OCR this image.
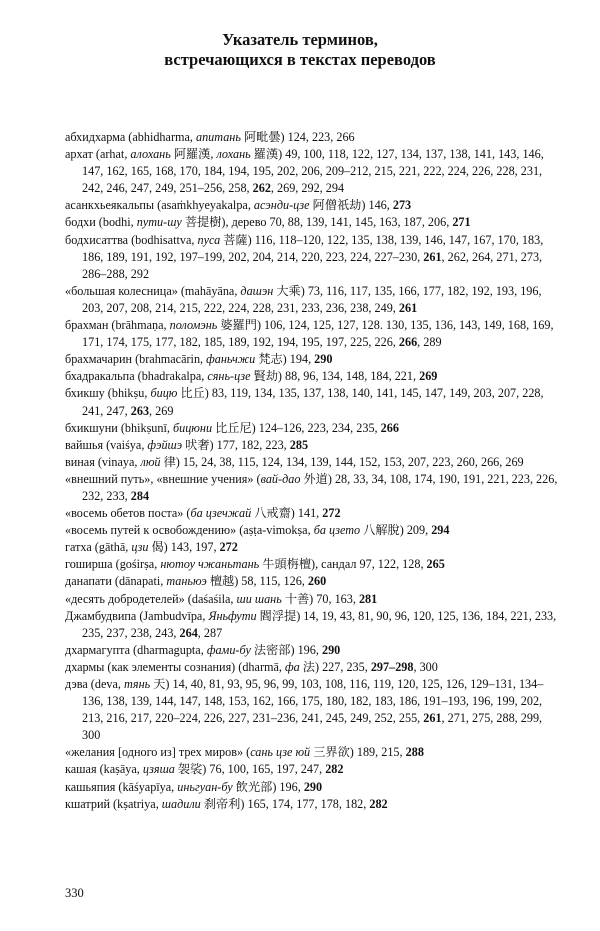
Указатель терминов,
встречающихся в текстах переводов
абхидхарма (abhidharma, апитань 阿毗曇) 124, 223, 266
архат (arhat, алохань 阿羅漢, лохань 羅漢) 49, 100, 118, 122, 127, 134, 137, 138, 141, 143, 146, 147, 162, 165, 168, 170, 184, 194, 195, 202, 206, 209–212, 215, 221, 222, 224, 226, 228, 231, 242, 246, 247, 249, 251–256, 258, 262, 269, 292, 294
асанкхьеякальпы (asaṁkhyeyakalpa, асэнди-цзе 阿僧祇劫) 146, 273
бодхи (bodhi, пути-шу 菩提樹), дерево 70, 88, 139, 141, 145, 163, 187, 206, 271
бодхисаттва (bodhisattva, пуса 菩薩) 116, 118–120, 122, 135, 138, 139, 146, 147, 167, 170, 183, 186, 189, 191, 192, 197–199, 202, 204, 214, 220, 223, 224, 227–230, 261, 262, 264, 271, 273, 286–288, 292
«большая колесница» (mahāyāna, дашэн 大乘) 73, 116, 117, 135, 166, 177, 182, 192, 193, 196, 203, 207, 208, 214, 215, 222, 224, 228, 231, 233, 236, 238, 249, 261
брахман (brāhmaṇa, поломэнь 婆羅門) 106, 124, 125, 127, 128. 130, 135, 136, 143, 149, 168, 169, 171, 174, 175, 177, 182, 185, 189, 192, 194, 195, 197, 225, 226, 266, 289
брахмачарин (brahmacārin, фаньчжи 梵志) 194, 290
бхадракальпа (bhadrakalpa, сянь-цзе 賢劫) 88, 96, 134, 148, 184, 221, 269
бхикшу (bhikṣu, бицю 比丘) 83, 119, 134, 135, 137, 138, 140, 141, 145, 147, 149, 203, 207, 228, 241, 247, 263, 269
бхикшуни (bhikṣunī, бицюни 比丘尼) 124–126, 223, 234, 235, 266
вайшья (vaiśya, фэйшэ 吠奢) 177, 182, 223, 285
виная (vinaya, люй 律) 15, 24, 38, 115, 124, 134, 139, 144, 152, 153, 207, 223, 260, 266, 269
«внешний путь», «внешние учения» (вай-дао 外道) 28, 33, 34, 108, 174, 190, 191, 221, 223, 226, 232, 233, 284
«восемь обетов поста» (ба цзечжай 八戒齋) 141, 272
«восемь путей к освобождению» (aṣṭa-vimokṣa, ба цзето 八解脫) 209, 294
гатха (gāthā, цзи 偈) 143, 197, 272
гоширша (gośirṣa, нютоу чжаньтань 牛頭栴檀), сандал 97, 122, 128, 265
данапати (dānapati, таньюэ 檀越) 58, 115, 126, 260
«десять добродетелей» (daśaśila, ши шань 十善) 70, 163, 281
Джамбудвипа (Jambudvīpa, Яньфути 閻浮提) 14, 19, 43, 81, 90, 96, 120, 125, 136, 184, 221, 233, 235, 237, 238, 243, 264, 287
дхармагупта (dharmagupta, фами-бу 法密部) 196, 290
дхармы (как элементы сознания) (dharmā, фа 法) 227, 235, 297–298, 300
дэва (deva, тянь 天) 14, 40, 81, 93, 95, 96, 99, 103, 108, 116, 119, 120, 125, 126, 129–131, 134–136, 138, 139, 144, 147, 148, 153, 162, 166, 175, 180, 182, 183, 186, 191–193, 196, 199, 202, 213, 216, 217, 220–224, 226, 227, 231–236, 241, 245, 249, 252, 255, 261, 271, 275, 288, 299, 300
«желания [одного из] трех миров» (сань цзе юй 三界欲) 189, 215, 288
кашая (kaṣāya, цзяша 袈裟) 76, 100, 165, 197, 247, 282
кашьяпия (kāśyapīya, иньгуан-бу 飲光部) 196, 290
кшатрий (kṣatriya, шадили 刹帝利) 165, 174, 177, 178, 182, 282
330
